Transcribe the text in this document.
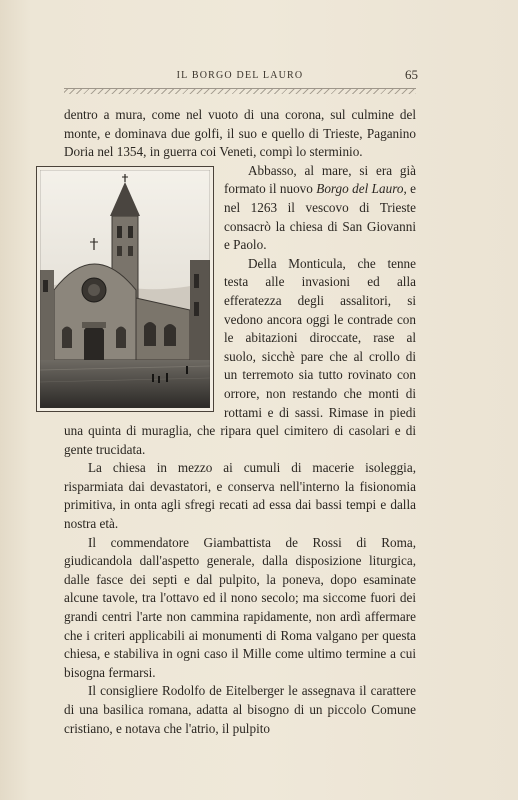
IL BORGO DEL LAURO	65

dentro a mura, come nel vuoto di una corona, sul culmine del monte, e dominava due golfi, il suo e quello di Trieste, Paganino Doria nel 1354, in guerra coi Veneti, compì lo sterminio.

Abbasso, al mare, si era già formato il nuovo Borgo del Lauro, e nel 1263 il vescovo di Trieste consacrò la chiesa di San Giovanni e Paolo.

Della Monticula, che tenne testa alle invasioni ed alla efferatezza degli assalitori, si vedono ancora oggi le contrade con le abitazioni diroccate, rase al suolo, sicchè pare che al crollo di un terremoto sia tutto rovinato con orrore, non restando che monti di rottami e di sassi. Rimase in piedi una quinta di muraglia, che ripara quel cimitero di casolari e di gente trucidata.

La chiesa in mezzo ai cumuli di macerie isoleggia, risparmiata dai devastatori, e conserva nell'interno la fisionomia primitiva, in onta agli sfregi recati ad essa dai bassi tempi e dalla nostra età.

Il commendatore Giambattista de Rossi di Roma, giudicandola dall'aspetto generale, dalla disposizione liturgica, dalle fasce dei septi e dal pulpito, la poneva, dopo esaminate alcune tavole, tra l'ottavo ed il nono secolo; ma siccome fuori dei grandi centri l'arte non cammina rapidamente, non ardì affermare che i criteri applicabili ai monumenti di Roma valgano per questa chiesa, e stabiliva in ogni caso il Mille come ultimo termine a cui bisogna fermarsi.

Il consigliere Rodolfo de Eitelberger le assegnava il carattere di una basilica romana, adatta al bisogno di un piccolo Comune cristiano, e notava che l'atrio, il pulpito
